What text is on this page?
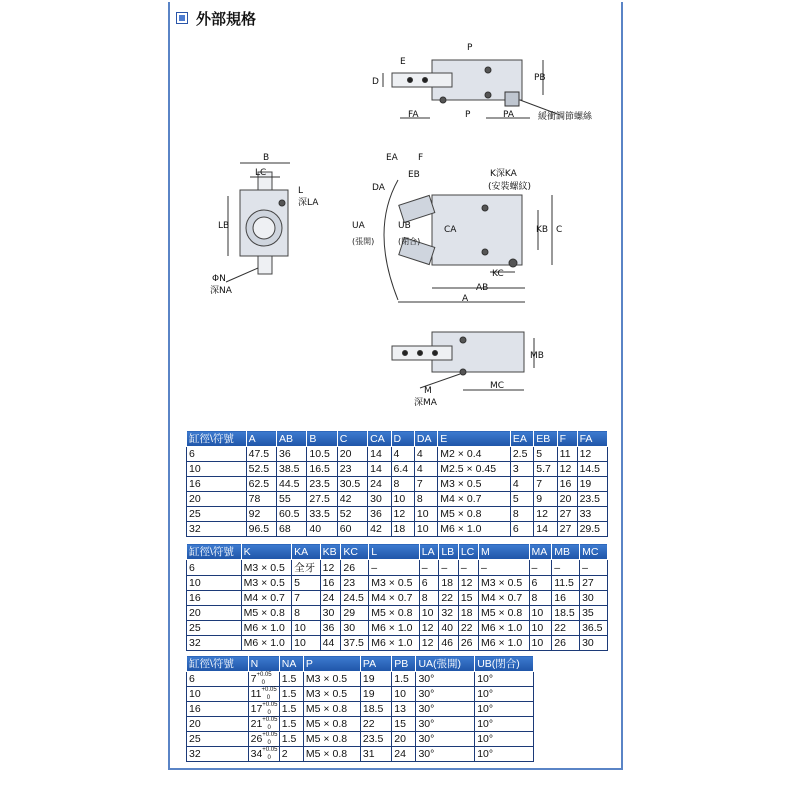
外部規格
E
P
D	PB
FA	P	PA	緩衝調節螺絲
B
LC
L
深LA
LB
ΦN
深NA
EA F
EB
DA
K深KA
(安裝螺紋)
UA
(張開)
UB
(閉合)
CA	KB C
KC
AB
A
MB
M
深MA
MC
缸徑\符號	A	AB	B	C	CA	D	DA	E	EA	EB	F	FA
6	47.5	36	10.5	20	14	4	4	M2 × 0.4	2.5	5	11	12
10	52.5	38.5	16.5	23	14	6.4	4	M2.5 × 0.45	3	5.7	12	14.5
16	62.5	44.5	23.5	30.5	24	8	7	M3 × 0.5	4	7	16	19
20	78	55	27.5	42	30	10	8	M4 × 0.7	5	9	20	23.5
25	92	60.5	33.5	52	36	12	10	M5 × 0.8	8	12	27	33
32	96.5	68	40	60	42	18	10	M6 × 1.0	6	14	27	29.5
缸徑\符號	K	KA	KB	KC	L	LA	LB	LC	M	MA	MB	MC
6	M3 × 0.5	全牙	12	26	–	–	–	–	–	–	–	–
10	M3 × 0.5	5	16	23	M3 × 0.5	6	18	12	M3 × 0.5	6	11.5	27
16	M4 × 0.7	7	24	24.5	M4 × 0.7	8	22	15	M4 × 0.7	8	16	30
20	M5 × 0.8	8	30	29	M5 × 0.8	10	32	18	M5 × 0.8	10	18.5	35
25	M6 × 1.0	10	36	30	M6 × 1.0	12	40	22	M6 × 1.0	10	22	36.5
32	M6 × 1.0	10	44	37.5	M6 × 1.0	12	46	26	M6 × 1.0	10	26	30
缸徑\符號	N	NA	P	PA	PB	UA(張開)	UB(閉合)
6	$7^{+0.05}_0$	1.5	M3 × 0.5	19	1.5	30°	10°
10	$11^{+0.05}_0$	1.5	M3 × 0.5	19	10	30°	10°
16	$17^{+0.05}_0$	1.5	M5 × 0.8	18.5	13	30°	10°
20	$21^{+0.05}_0$	1.5	M5 × 0.8	22	15	30°	10°
25	$26^{+0.05}_0$	1.5	M5 × 0.8	23.5	20	30°	10°
32	$34^{+0.05}_0$	2	M5 × 0.8	31	24	30°	10°
